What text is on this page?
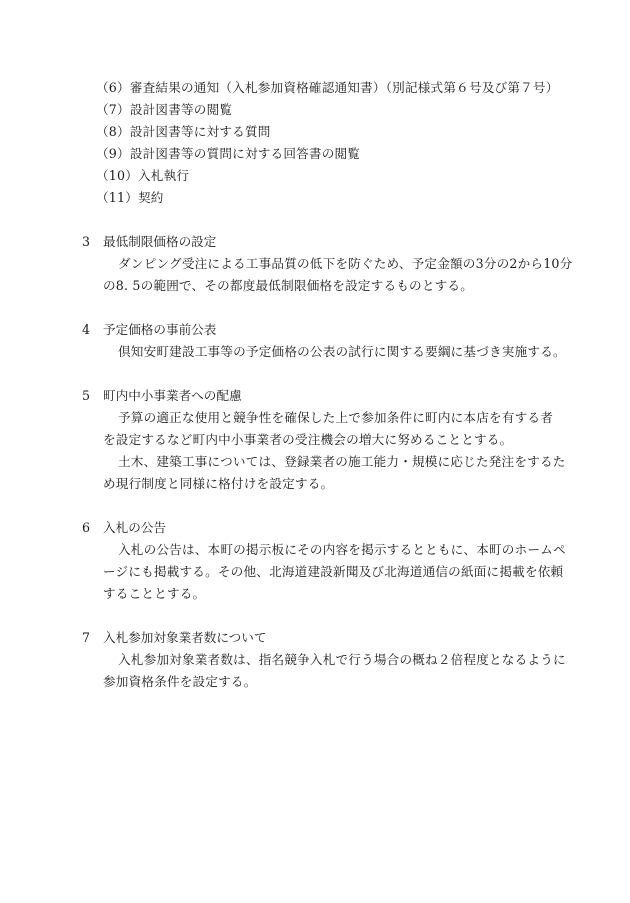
（6）審査結果の通知（入札参加資格確認通知書）（別記様式第６号及び第７号）
（7）設計図書等の閲覧
（8）設計図書等に対する質問
（9）設計図書等の質問に対する回答書の閲覧
（10）入札執行
（11）契約
3 最低制限価格の設定
ダンピング受注による工事品質の低下を防ぐため、予定金額の3分の2から10分
の8. 5の範囲で、その都度最低制限価格を設定するものとする。
4 予定価格の事前公表
倶知安町建設工事等の予定価格の公表の試行に関する要綱に基づき実施する。
5 町内中小事業者への配慮
予算の適正な使用と競争性を確保した上で参加条件に町内に本店を有する者
を設定するなど町内中小事業者の受注機会の増大に努めることとする。
土木、建築工事については、登録業者の施工能力・規模に応じた発注をするた
め現行制度と同様に格付けを設定する。
6 入札の公告
入札の公告は、本町の掲示板にその内容を掲示するとともに、本町のホームペ
ージにも掲載する。その他、北海道建設新聞及び北海道通信の紙面に掲載を依頼
することとする。
7 入札参加対象業者数について
入札参加対象業者数は、指名競争入札で行う場合の概ね２倍程度となるように
参加資格条件を設定する。
